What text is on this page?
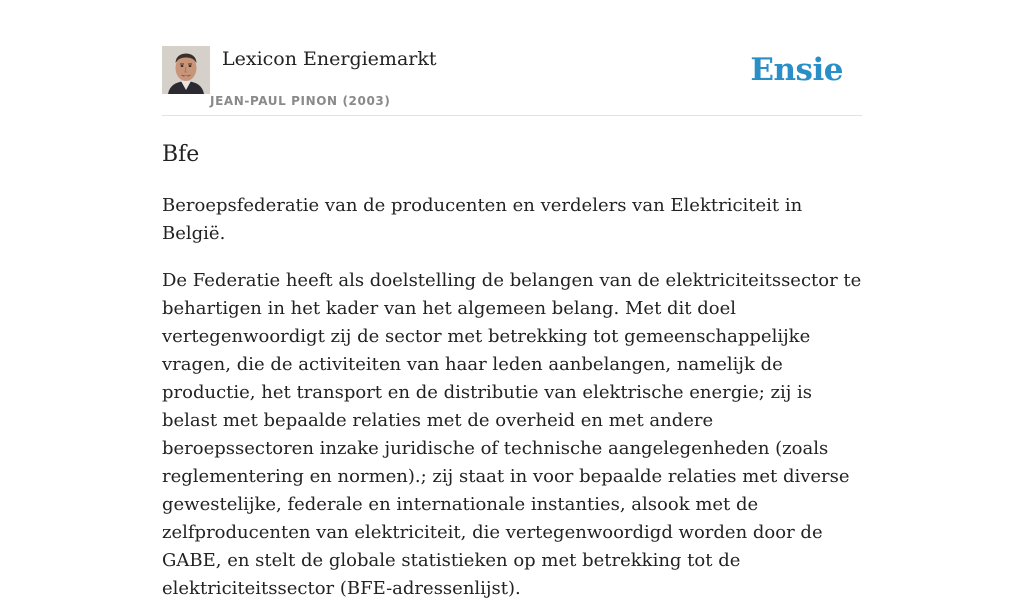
Lexicon Energiemarkt
JEAN-PAUL PINON (2003)
Ensie
Bfe

Beroepsfederatie van de producenten en verdelers van Elektriciteit in België.

De Federatie heeft als doelstelling de belangen van de elektriciteitssector te behartigen in het kader van het algemeen belang. Met dit doel vertegenwoordigt zij de sector met betrekking tot gemeenschappelijke vragen, die de activiteiten van haar leden aanbelangen, namelijk de productie, het transport en de distributie van elektrische energie; zij is belast met bepaalde relaties met de overheid en met andere beroepssectoren inzake juridische of technische aangelegenheden (zoals reglementering en normen).; zij staat in voor bepaalde relaties met diverse gewestelijke, federale en internationale instanties, alsook met de zelfproducenten van elektriciteit, die vertegenwoordigd worden door de GABE, en stelt de globale statistieken op met betrekking tot de elektriciteitssector (BFE-adressenlijst).
